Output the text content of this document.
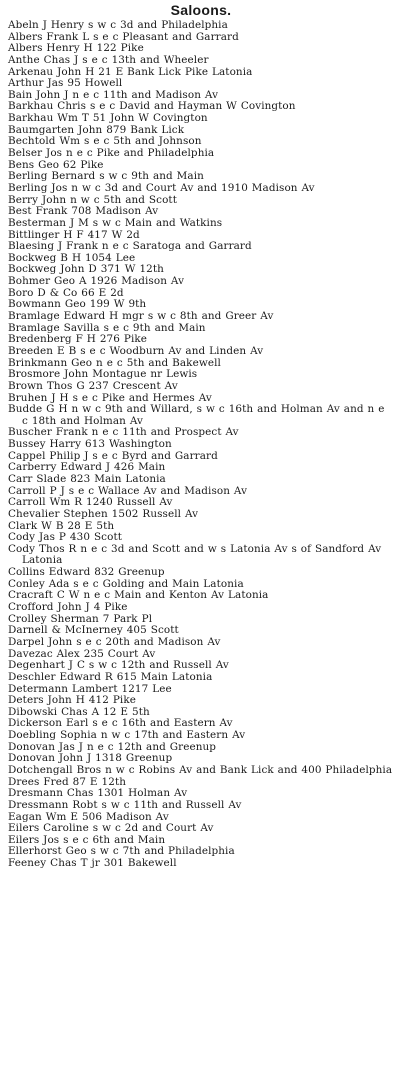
Saloons.
Abeln J Henry s w c 3d and Philadelphia
Albers Frank L s e c Pleasant and Garrard
Albers Henry H 122 Pike
Anthe Chas J s e c 13th and Wheeler
Arkenau John H 21 E Bank Lick Pike Latonia
Arthur Jas 95 Howell
Bain John J n e c 11th and Madison Av
Barkhau Chris s e c David and Hayman W Covington
Barkhau Wm T 51 John W Covington
Baumgarten John 879 Bank Lick
Bechtold Wm s e c 5th and Johnson
Belser Jos n e c Pike and Philadelphia
Bens Geo 62 Pike
Berling Bernard s w c 9th and Main
Berling Jos n w c 3d and Court Av and 1910 Madison Av
Berry John n w c 5th and Scott
Best Frank 708 Madison Av
Besterman J M s w c Main and Watkins
Bittlinger H F 417 W 2d
Blaesing J Frank n e c Saratoga and Garrard
Bockweg B H 1054 Lee
Bockweg John D 371 W 12th
Bohmer Geo A 1926 Madison Av
Boro D & Co 66 E 2d
Bowmann Geo 199 W 9th
Bramlage Edward H mgr s w c 8th and Greer Av
Bramlage Savilla s e c 9th and Main
Bredenberg F H 276 Pike
Breeden E B s e c Woodburn Av and Linden Av
Brinkmann Geo n e c 5th and Bakewell
Brosmore John Montague nr Lewis
Brown Thos G 237 Crescent Av
Bruhen J H s e c Pike and Hermes Av
Budde G H n w c 9th and Willard, s w c 16th and Holman Av and n e c 18th and Holman Av
Buscher Frank n e c 11th and Prospect Av
Bussey Harry 613 Washington
Cappel Philip J s e c Byrd and Garrard
Carberry Edward J 426 Main
Carr Slade 823 Main Latonia
Carroll P J s e c Wallace Av and Madison Av
Carroll Wm R 1240 Russell Av
Chevalier Stephen 1502 Russell Av
Clark W B 28 E 5th
Cody Jas P 430 Scott
Cody Thos R n e c 3d and Scott and w s Latonia Av s of Sandford Av Latonia
Collins Edward 832 Greenup
Conley Ada s e c Golding and Main Latonia
Cracraft C W n e c Main and Kenton Av Latonia
Crofford John J 4 Pike
Crolley Sherman 7 Park Pl
Darnell & McInerney 405 Scott
Darpel John s e c 20th and Madison Av
Davezac Alex 235 Court Av
Degenhart J C s w c 12th and Russell Av
Deschler Edward R 615 Main Latonia
Determann Lambert 1217 Lee
Deters John H 412 Pike
Dibowski Chas A 12 E 5th
Dickerson Earl s e c 16th and Eastern Av
Doebling Sophia n w c 17th and Eastern Av
Donovan Jas J n e c 12th and Greenup
Donovan John J 1318 Greenup
Dotchengall Bros n w c Robins Av and Bank Lick and 400 Philadelphia
Drees Fred 87 E 12th
Dresmann Chas 1301 Holman Av
Dressmann Robt s w c 11th and Russell Av
Eagan Wm E 506 Madison Av
Eilers Caroline s w c 2d and Court Av
Eilers Jos s e c 6th and Main
Ellerhorst Geo s w c 7th and Philadelphia
Feeney Chas T jr 301 Bakewell
